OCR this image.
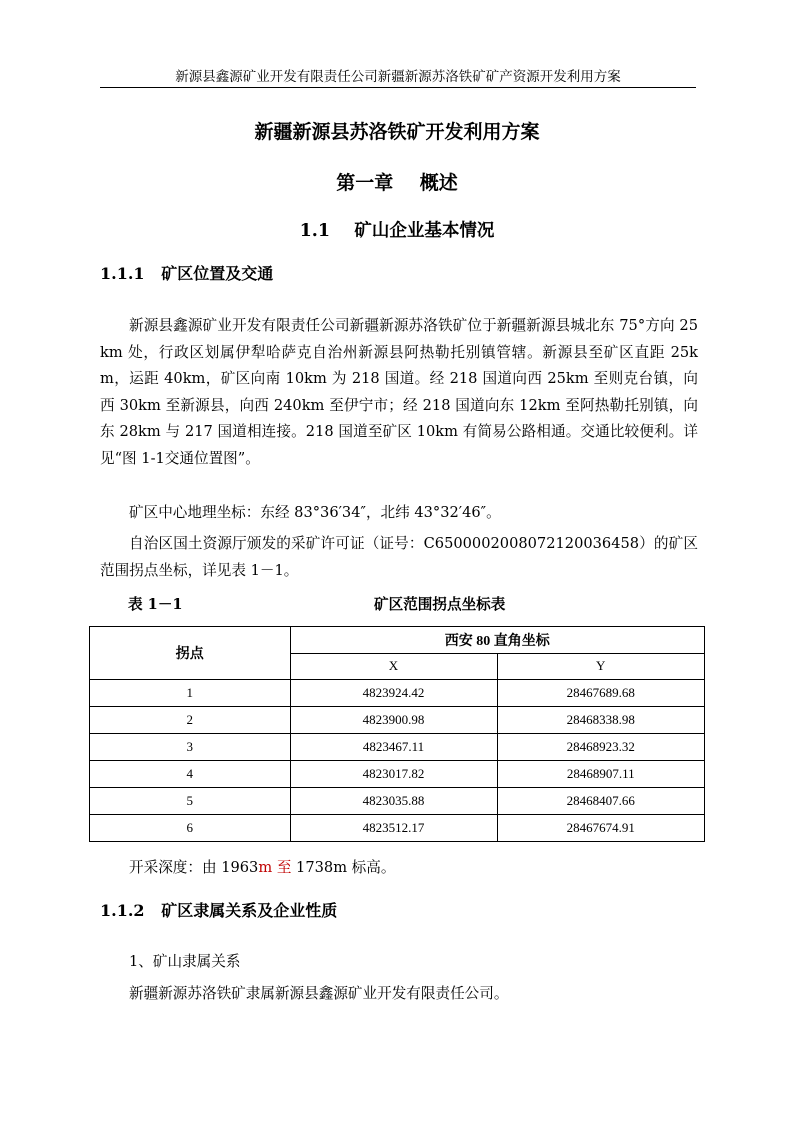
新源县鑫源矿业开发有限责任公司新疆新源苏洛铁矿矿产资源开发利用方案
新疆新源县苏洛铁矿开发利用方案
第一章    概述
1.1    矿山企业基本情况
1.1.1   矿区位置及交通
新源县鑫源矿业开发有限责任公司新疆新源苏洛铁矿位于新疆新源县城北东 75°方向 25km 处，行政区划属伊犁哈萨克自治州新源县阿热勒托别镇管辖。新源县至矿区直距 25km，运距 40km，矿区向南 10km 为 218 国道。经 218 国道向西 25km 至则克台镇，向西 30km 至新源县，向西 240km 至伊宁市；经 218 国道向东 12km 至阿热勒托别镇，向东 28km 与 217 国道相连接。218 国道至矿区 10km 有简易公路相通。交通比较便利。详见“图 1-1交通位置图”。
矿区中心地理坐标：东经 83°36′34″，北纬 43°32′46″。
自治区国土资源厅颁发的采矿许可证（证号：C6500002008072120036458）的矿区范围拐点坐标，详见表 1－1。
表 1－1	矿区范围拐点坐标表
拐点	西安 80 直角坐标	
	X	Y
1	4823924.42	28467689.68
2	4823900.98	28468338.98
3	4823467.11	28468923.32
4	4823017.82	28468907.11
5	4823035.88	28468407.66
6	4823512.17	28467674.91
开采深度：由 1963m 至 1738m 标高。
1.1.2   矿区隶属关系及企业性质
1、矿山隶属关系
新疆新源苏洛铁矿隶属新源县鑫源矿业开发有限责任公司。
